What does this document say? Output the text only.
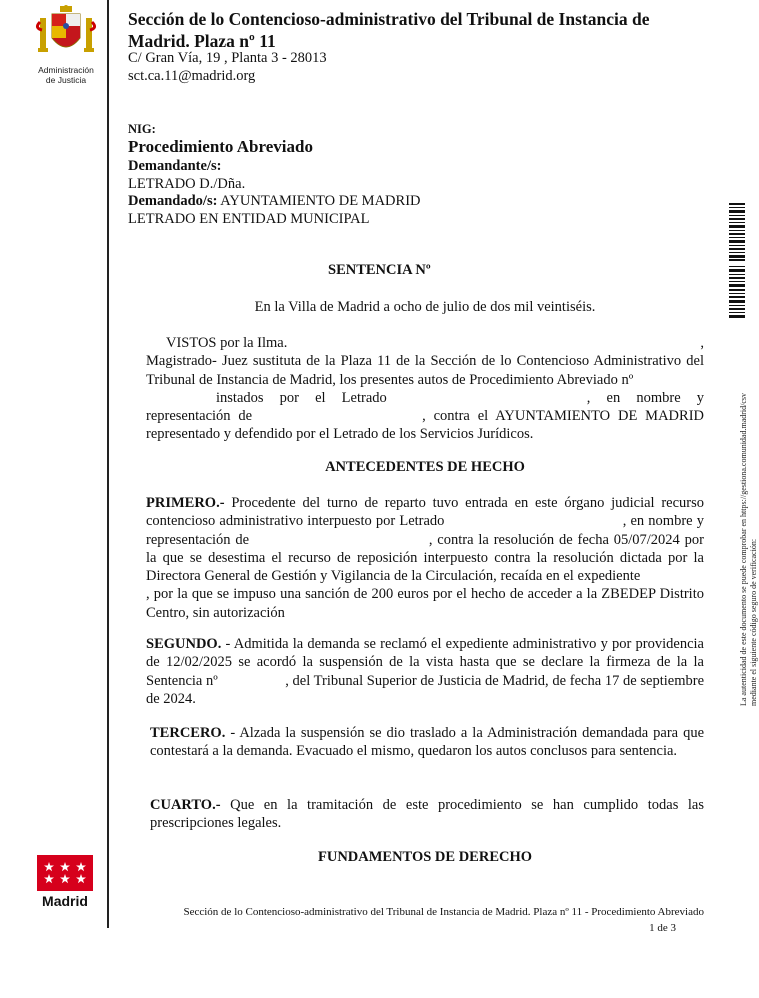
Administración
de Justicia
Sección de lo Contencioso-administrativo del Tribunal de Instancia de Madrid. Plaza nº 11
C/ Gran Vía, 19 , Planta 3 - 28013
sct.ca.11@madrid.org
NIG:
Procedimiento Abreviado
Demandante/s:
LETRADO D./Dña.
Demandado/s: AYUNTAMIENTO DE MADRID
LETRADO EN ENTIDAD MUNICIPAL
SENTENCIA Nº
En la Villa de Madrid a ocho de julio de dos mil veintiséis.
VISTOS por la Ilma.	,
Magistrado- Juez sustituta de la Plaza 11 de la Sección de lo Contencioso Administrativo del Tribunal de Instancia de Madrid, los presentes autos de Procedimiento Abreviado nº
instados por el Letrado	, en nombre y
representación de	, contra el AYUNTAMIENTO DE MADRID representado y defendido por el Letrado de los Servicios Jurídicos.
ANTECEDENTES DE HECHO
PRIMERO.- Procedente del turno de reparto tuvo entrada en este órgano judicial recurso contencioso administrativo interpuesto por Letrado	, en nombre y representación de	, contra la resolución de fecha 05/07/2024 por la que se desestima el recurso de reposición interpuesto contra la resolución dictada por la Directora General de Gestión y Vigilancia de la Circulación, recaída en el expediente  , por la que se impuso una sanción de 200 euros por el hecho de acceder a la ZBEDEP Distrito Centro, sin autorización
SEGUNDO. - Admitida la demanda se reclamó el expediente administrativo y por providencia de 12/02/2025 se acordó la suspensión de la vista hasta que se declare la firmeza de la la Sentencia nº	, del Tribunal Superior de Justicia de Madrid, de fecha 17 de septiembre de 2024.
TERCERO. - Alzada la suspensión se dio traslado a la Administración demandada para que contestará a la demanda. Evacuado el mismo, quedaron los autos conclusos para sentencia.
CUARTO.- Que en la tramitación de este procedimiento se han cumplido todas las prescripciones legales.
FUNDAMENTOS DE DERECHO
Madrid
La autenticidad de este documento se puede comprobar en https://gestiona.comunidad.madrid/csv mediante el siguiente código seguro de verificación:
Sección de lo Contencioso-administrativo del Tribunal de Instancia de Madrid. Plaza nº 11 - Procedimiento Abreviado
1 de 3
